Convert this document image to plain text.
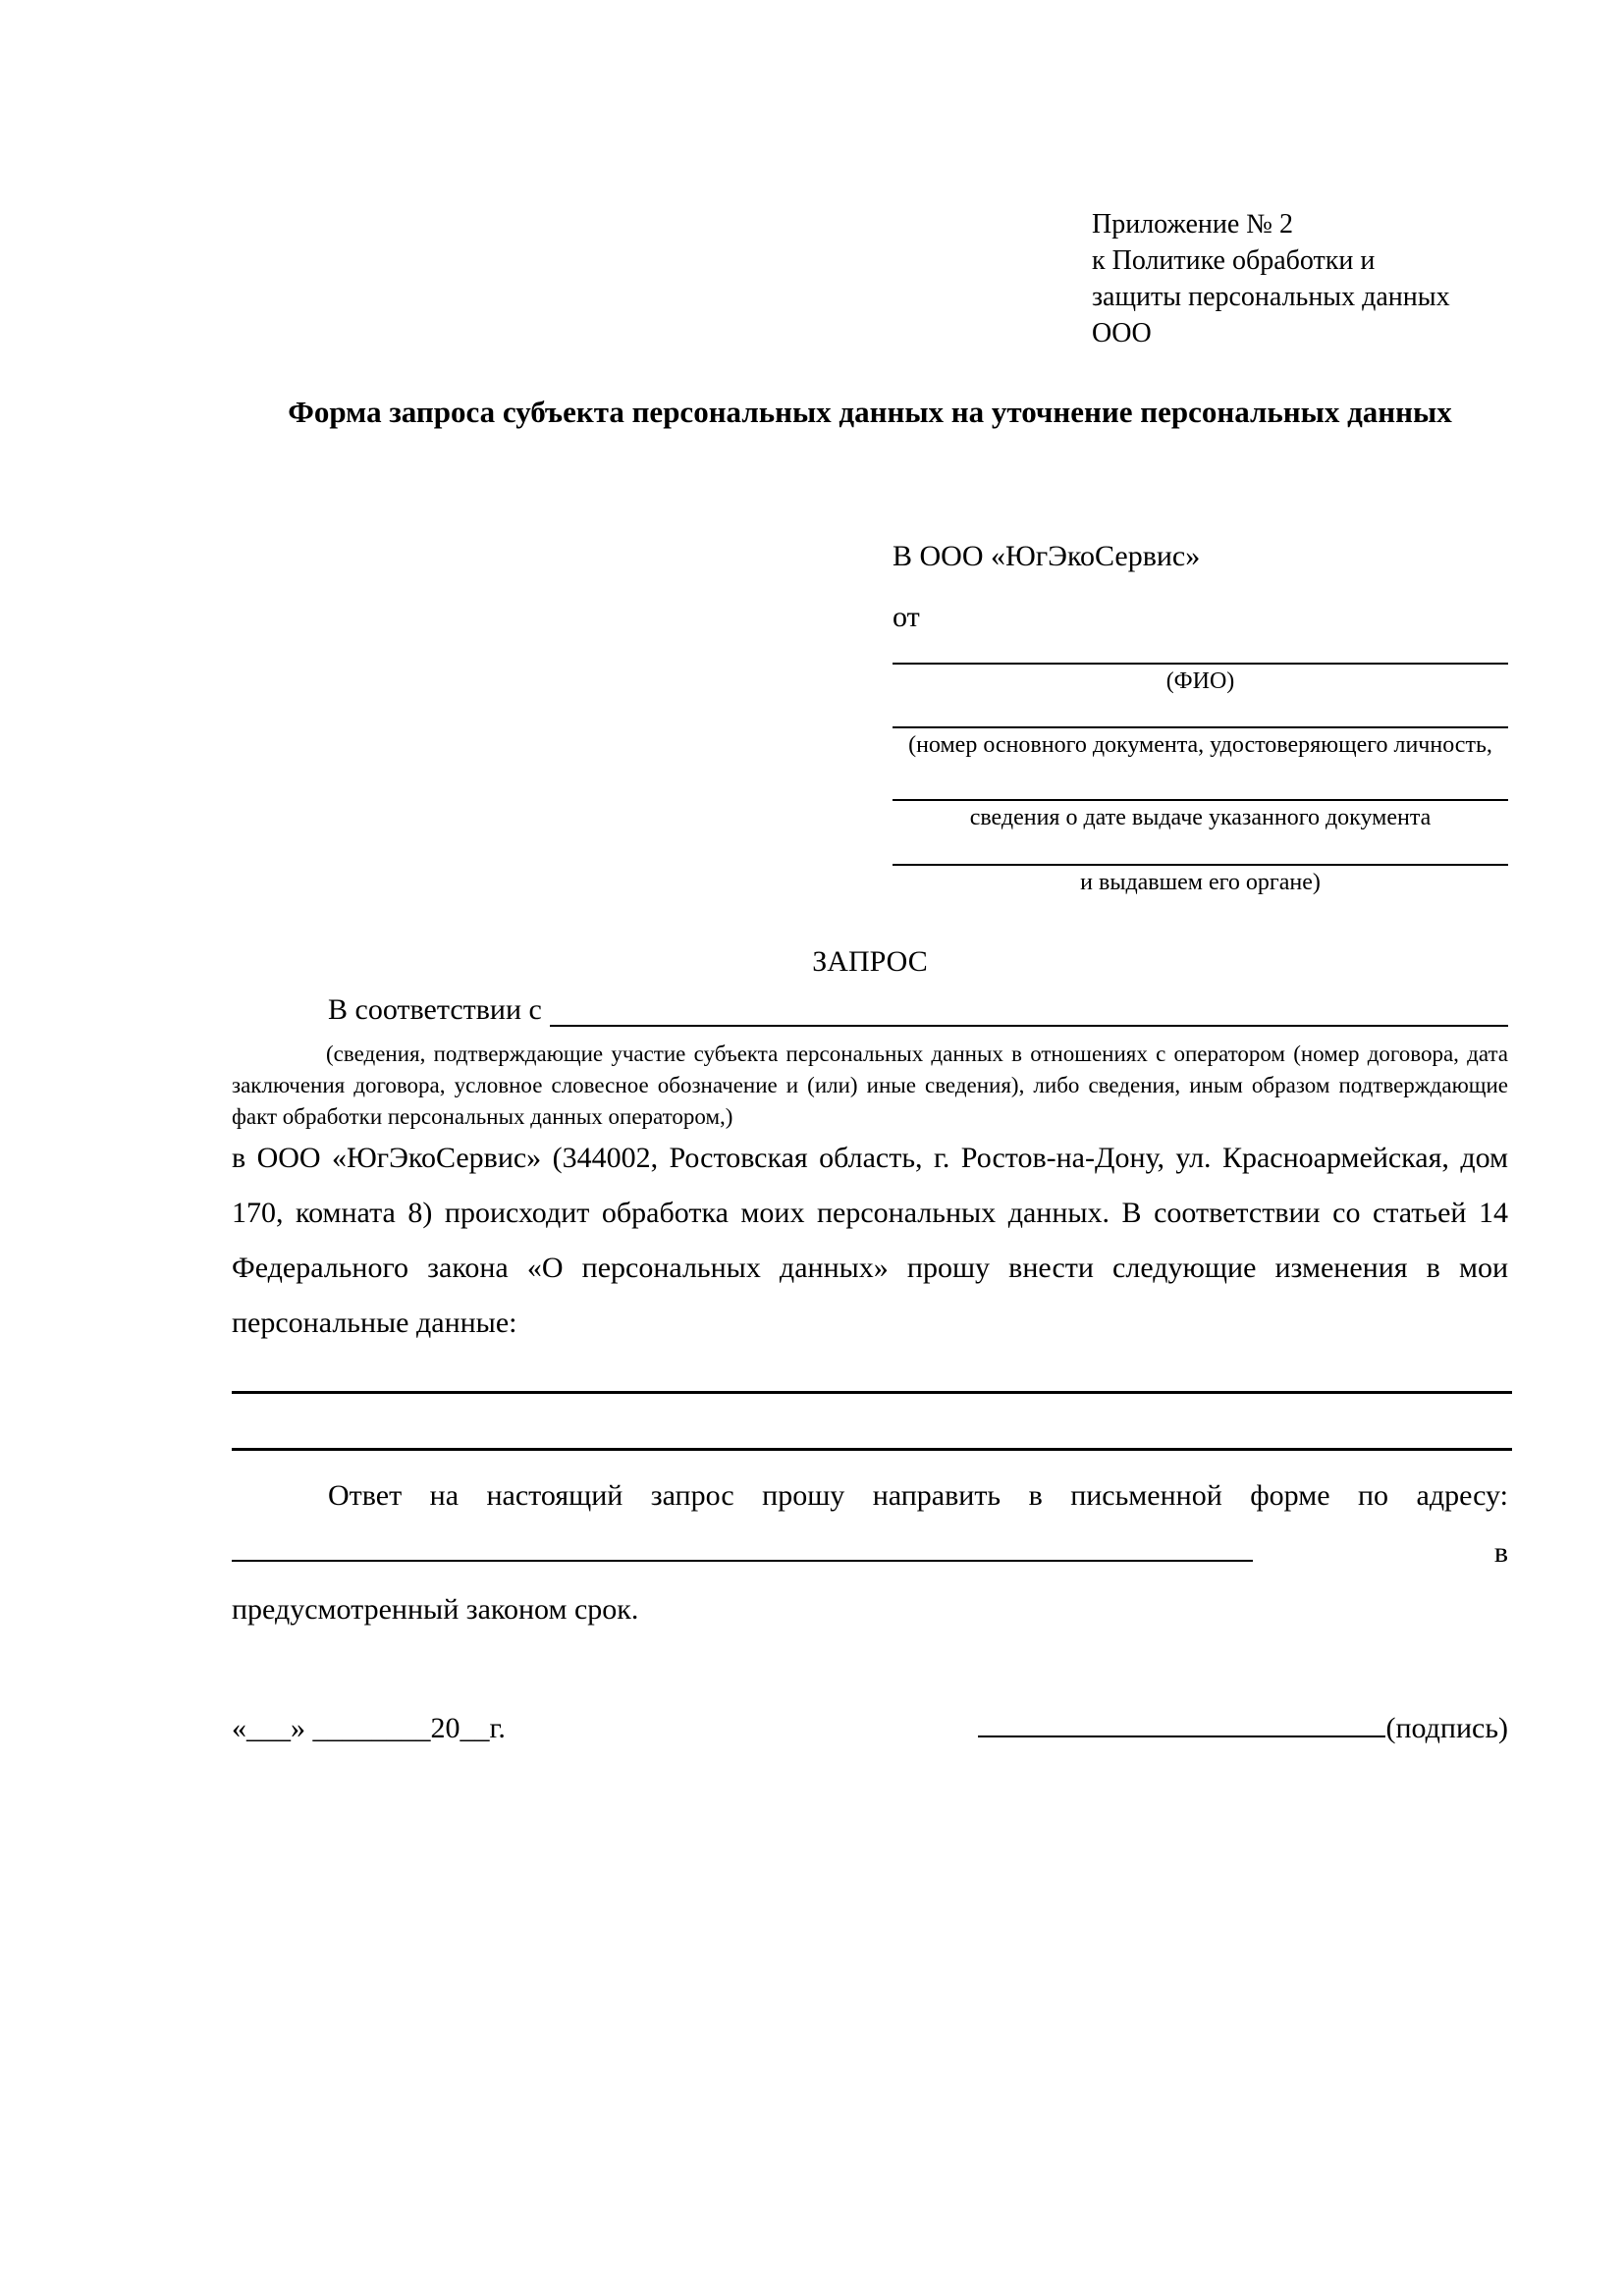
Приложение № 2
к Политике обработки и
защиты персональных данных
ООО
Форма запроса субъекта персональных данных на уточнение персональных данных
В ООО «ЮгЭкоСервис»
от
(ФИО)
(номер основного документа, удостоверяющего личность,
сведения о дате выдаче указанного документа
и выдавшем его органе)
ЗАПРОС
В соответствии с
(сведения, подтверждающие участие субъекта персональных данных в отношениях с оператором (номер договора, дата заключения договора, условное словесное обозначение и (или) иные сведения), либо сведения, иным образом подтверждающие факт обработки персональных данных оператором,)

в ООО «ЮгЭкоСервис» (344002, Ростовская область, г. Ростов-на-Дону, ул. Красноармейская, дом 170, комната 8) происходит обработка моих персональных данных. В соответствии со статьей 14 Федерального закона «О персональных данных» прошу внести следующие изменения в мои персональные данные:

Ответ на настоящий запрос прошу направить в письменной форме по адресу:  в предусмотренный законом срок.

«___» ________20__г.	(подпись)
